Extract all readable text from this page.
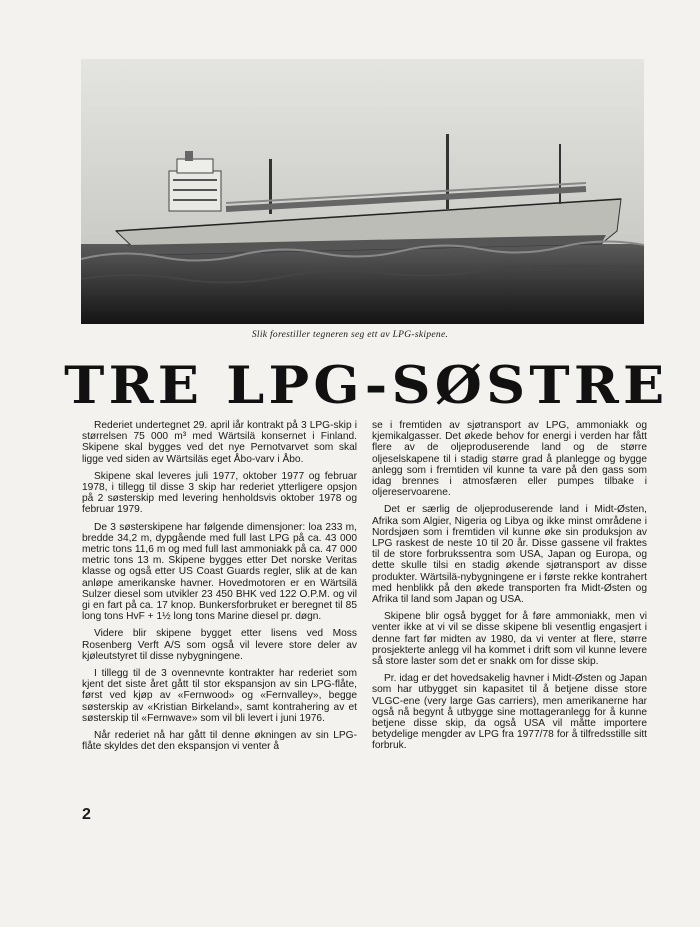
Slik forestiller tegneren seg ett av LPG-skipene.
TRE LPG-SØSTRE

Rederiet undertegnet 29. april iår kontrakt på 3 LPG-skip i størrelsen 75 000 m³ med Wärtsilä konsernet i Finland. Skipene skal bygges ved det nye Pernotvarvet som skal ligge ved siden av Wärtsiläs eget Åbo-varv i Åbo.

Skipene skal leveres juli 1977, oktober 1977 og februar 1978, i tillegg til disse 3 skip har rederiet ytterligere opsjon på 2 søsterskip med levering henholdsvis oktober 1978 og februar 1979.

De 3 søsterskipene har følgende dimensjoner: loa 233 m, bredde 34,2 m, dypgående med full last LPG på ca. 43 000 metric tons 11,6 m og med full last ammoniakk på ca. 47 000 metric tons 13 m. Skipene bygges etter Det norske Veritas klasse og også etter US Coast Guards regler, slik at de kan anløpe amerikanske havner. Hovedmotoren er en Wärtsilä Sulzer diesel som utvikler 23 450 BHK ved 122 O.P.M. og vil gi en fart på ca. 17 knop. Bunkersforbruket er beregnet til 85 long tons HvF + 1½ long tons Marine diesel pr. døgn.

Videre blir skipene bygget etter lisens ved Moss Rosenberg Verft A/S som også vil levere store deler av kjøleutstyret til disse nybygningene.

I tillegg til de 3 ovennevnte kontrakter har rederiet som kjent det siste året gått til stor ekspansjon av sin LPG-flåte, først ved kjøp av «Fernwood» og «Fernvalley», begge søsterskip av «Kristian Birkeland», samt kontrahering av et søsterskip til «Fernwave» som vil bli levert i juni 1976.

Når rederiet nå har gått til denne økningen av sin LPG-flåte skyldes det den ekspansjon vi venter å

se i fremtiden av sjøtransport av LPG, ammoniakk og kjemikalgasser. Det økede behov for energi i verden har fått flere av de oljeproduserende land og de større oljeselskapene til i stadig større grad å planlegge og bygge anlegg som i fremtiden vil kunne ta vare på den gass som idag brennes i atmosfæren eller pumpes tilbake i oljereservoarene.

Det er særlig de oljeproduserende land i Midt-Østen, Afrika som Algier, Nigeria og Libya og ikke minst områdene i Nordsjøen som i fremtiden vil kunne øke sin produksjon av LPG raskest de neste 10 til 20 år. Disse gassene vil fraktes til de store forbrukssentra som USA, Japan og Europa, og dette skulle tilsi en stadig økende sjøtransport av disse produkter. Wärtsilä-nybygningene er i første rekke kontrahert med henblikk på den økede transporten fra Midt-Østen og Afrika til land som Japan og USA.

Skipene blir også bygget for å føre ammoniakk, men vi venter ikke at vi vil se disse skipene bli vesentlig engasjert i denne fart før midten av 1980, da vi venter at flere, større prosjekterte anlegg vil ha kommet i drift som vil kunne levere så store laster som det er snakk om for disse skip.

Pr. idag er det hovedsakelig havner i Midt-Østen og Japan som har utbygget sin kapasitet til å betjene disse store VLGC-ene (very large Gas carriers), men amerikanerne har også nå begynt å utbygge sine mottageranlegg for å kunne betjene disse skip, da også USA vil måtte importere betydelige mengder av LPG fra 1977/78 for å tilfredsstille sitt forbruk.

2
